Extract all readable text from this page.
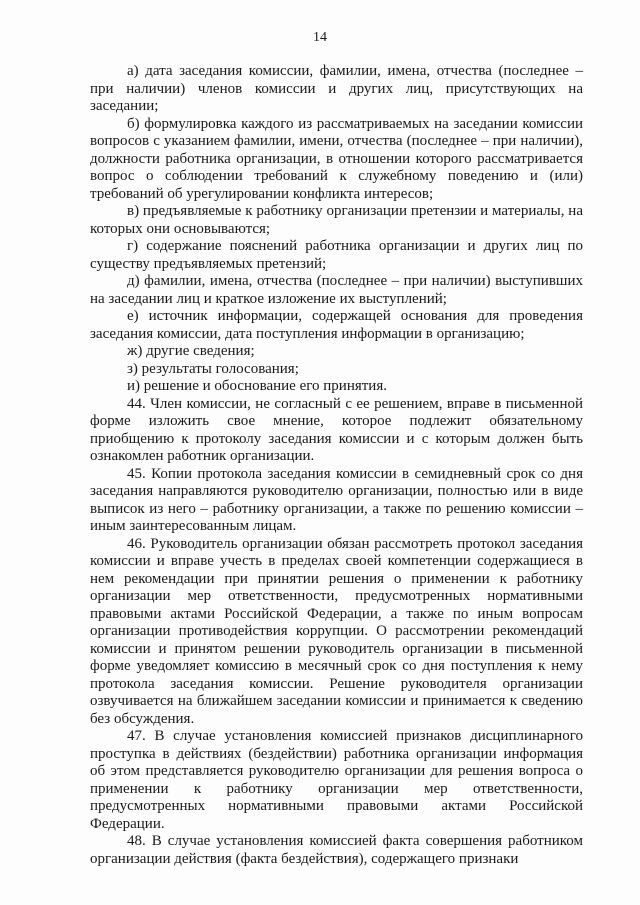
14

а) дата заседания комиссии, фамилии, имена, отчества (последнее – при наличии) членов комиссии и других лиц, присутствующих на заседании;

б) формулировка каждого из рассматриваемых на заседании комиссии вопросов с указанием фамилии, имени, отчества (последнее – при наличии), должности работника организации, в отношении которого рассматривается вопрос о соблюдении требований к служебному поведению и (или) требований об урегулировании конфликта интересов;

в) предъявляемые к работнику организации претензии и материалы, на которых они основываются;

г) содержание пояснений работника организации и других лиц по существу предъявляемых претензий;

д) фамилии, имена, отчества (последнее – при наличии) выступивших на заседании лиц и краткое изложение их выступлений;

е) источник информации, содержащей основания для проведения заседания комиссии, дата поступления информации в организацию;

ж) другие сведения;

з) результаты голосования;

и) решение и обоснование его принятия.

44. Член комиссии, не согласный с ее решением, вправе в письменной форме изложить свое мнение, которое подлежит обязательному приобщению к протоколу заседания комиссии и с которым должен быть ознакомлен работник организации.

45. Копии протокола заседания комиссии в семидневный срок со дня заседания направляются руководителю организации, полностью или в виде выписок из него – работнику организации, а также по решению комиссии – иным заинтересованным лицам.

46. Руководитель организации обязан рассмотреть протокол заседания комиссии и вправе учесть в пределах своей компетенции содержащиеся в нем рекомендации при принятии решения о применении к работнику организации мер ответственности, предусмотренных нормативными правовыми актами Российской Федерации, а также по иным вопросам организации противодействия коррупции. О рассмотрении рекомендаций комиссии и принятом решении руководитель организации в письменной форме уведомляет комиссию в месячный срок со дня поступления к нему протокола заседания комиссии. Решение руководителя организации озвучивается на ближайшем заседании комиссии и принимается к сведению без обсуждения.

47. В случае установления комиссией признаков дисциплинарного проступка в действиях (бездействии) работника организации информация об этом представляется руководителю организации для решения вопроса о применении к работнику организации мер ответственности, предусмотренных нормативными правовыми актами Российской Федерации.

48. В случае установления комиссией факта совершения работником организации действия (факта бездействия), содержащего признаки
